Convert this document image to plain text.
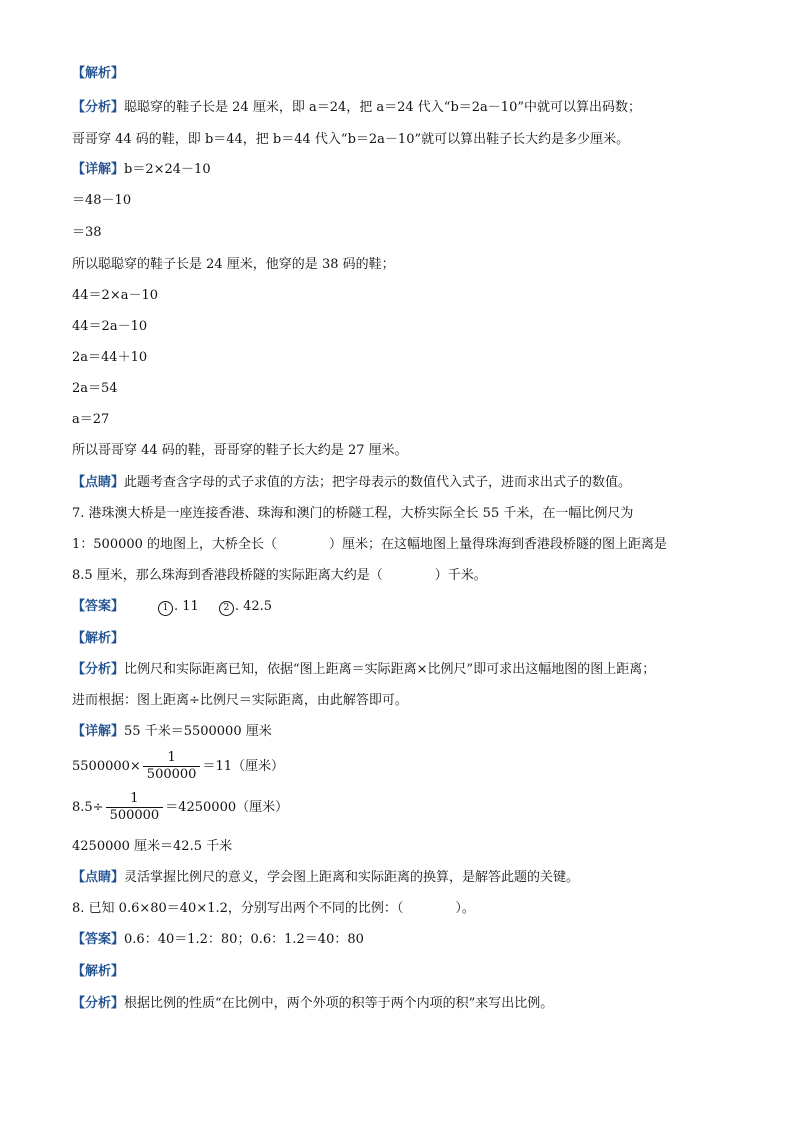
【解析】
【分析】聪聪穿的鞋子长是 24 厘米，即 a＝24，把 a＝24 代入“b＝2a－10”中就可以算出码数；
哥哥穿 44 码的鞋，即 b＝44，把 b＝44 代入“b＝2a－10”就可以算出鞋子长大约是多少厘米。
【详解】b＝2×24－10
＝48－10
＝38
所以聪聪穿的鞋子长是 24 厘米，他穿的是 38 码的鞋；
44＝2×a－10
44＝2a－10
2a＝44＋10
2a＝54
a＝27
所以哥哥穿 44 码的鞋，哥哥穿的鞋子长大约是 27 厘米。
【点睛】此题考查含字母的式子求值的方法；把字母表示的数值代入式子，进而求出式子的数值。
7. 港珠澳大桥是一座连接香港、珠海和澳门的桥隧工程，大桥实际全长 55 千米，在一幅比例尺为
1：500000 的地图上，大桥全长（　　　　）厘米；在这幅地图上量得珠海到香港段桥隧的图上距离是
8.5 厘米，那么珠海到香港段桥隧的实际距离大约是（　　　　）千米。
【答案】	1 . 11	2 . 42.5
【解析】
【分析】比例尺和实际距离已知，依据“图上距离＝实际距离×比例尺”即可求出这幅地图的图上距离；
进而根据：图上距离÷比例尺＝实际距离，由此解答即可。
【详解】55 千米＝5500000 厘米
$5500000\times \frac{1}{500000} =11$（厘米）
$8.5\div \frac{1}{500000} =4250000$（厘米）
4250000 厘米＝42.5 千米
【点睛】灵活掌握比例尺的意义，学会图上距离和实际距离的换算，是解答此题的关键。
8. 已知 0.6×80＝40×1.2，分别写出两个不同的比例：（　　　　）。
【答案】0.6：40＝1.2：80；0.6：1.2＝40：80
【解析】
【分析】根据比例的性质“在比例中，两个外项的积等于两个内项的积”来写出比例。
